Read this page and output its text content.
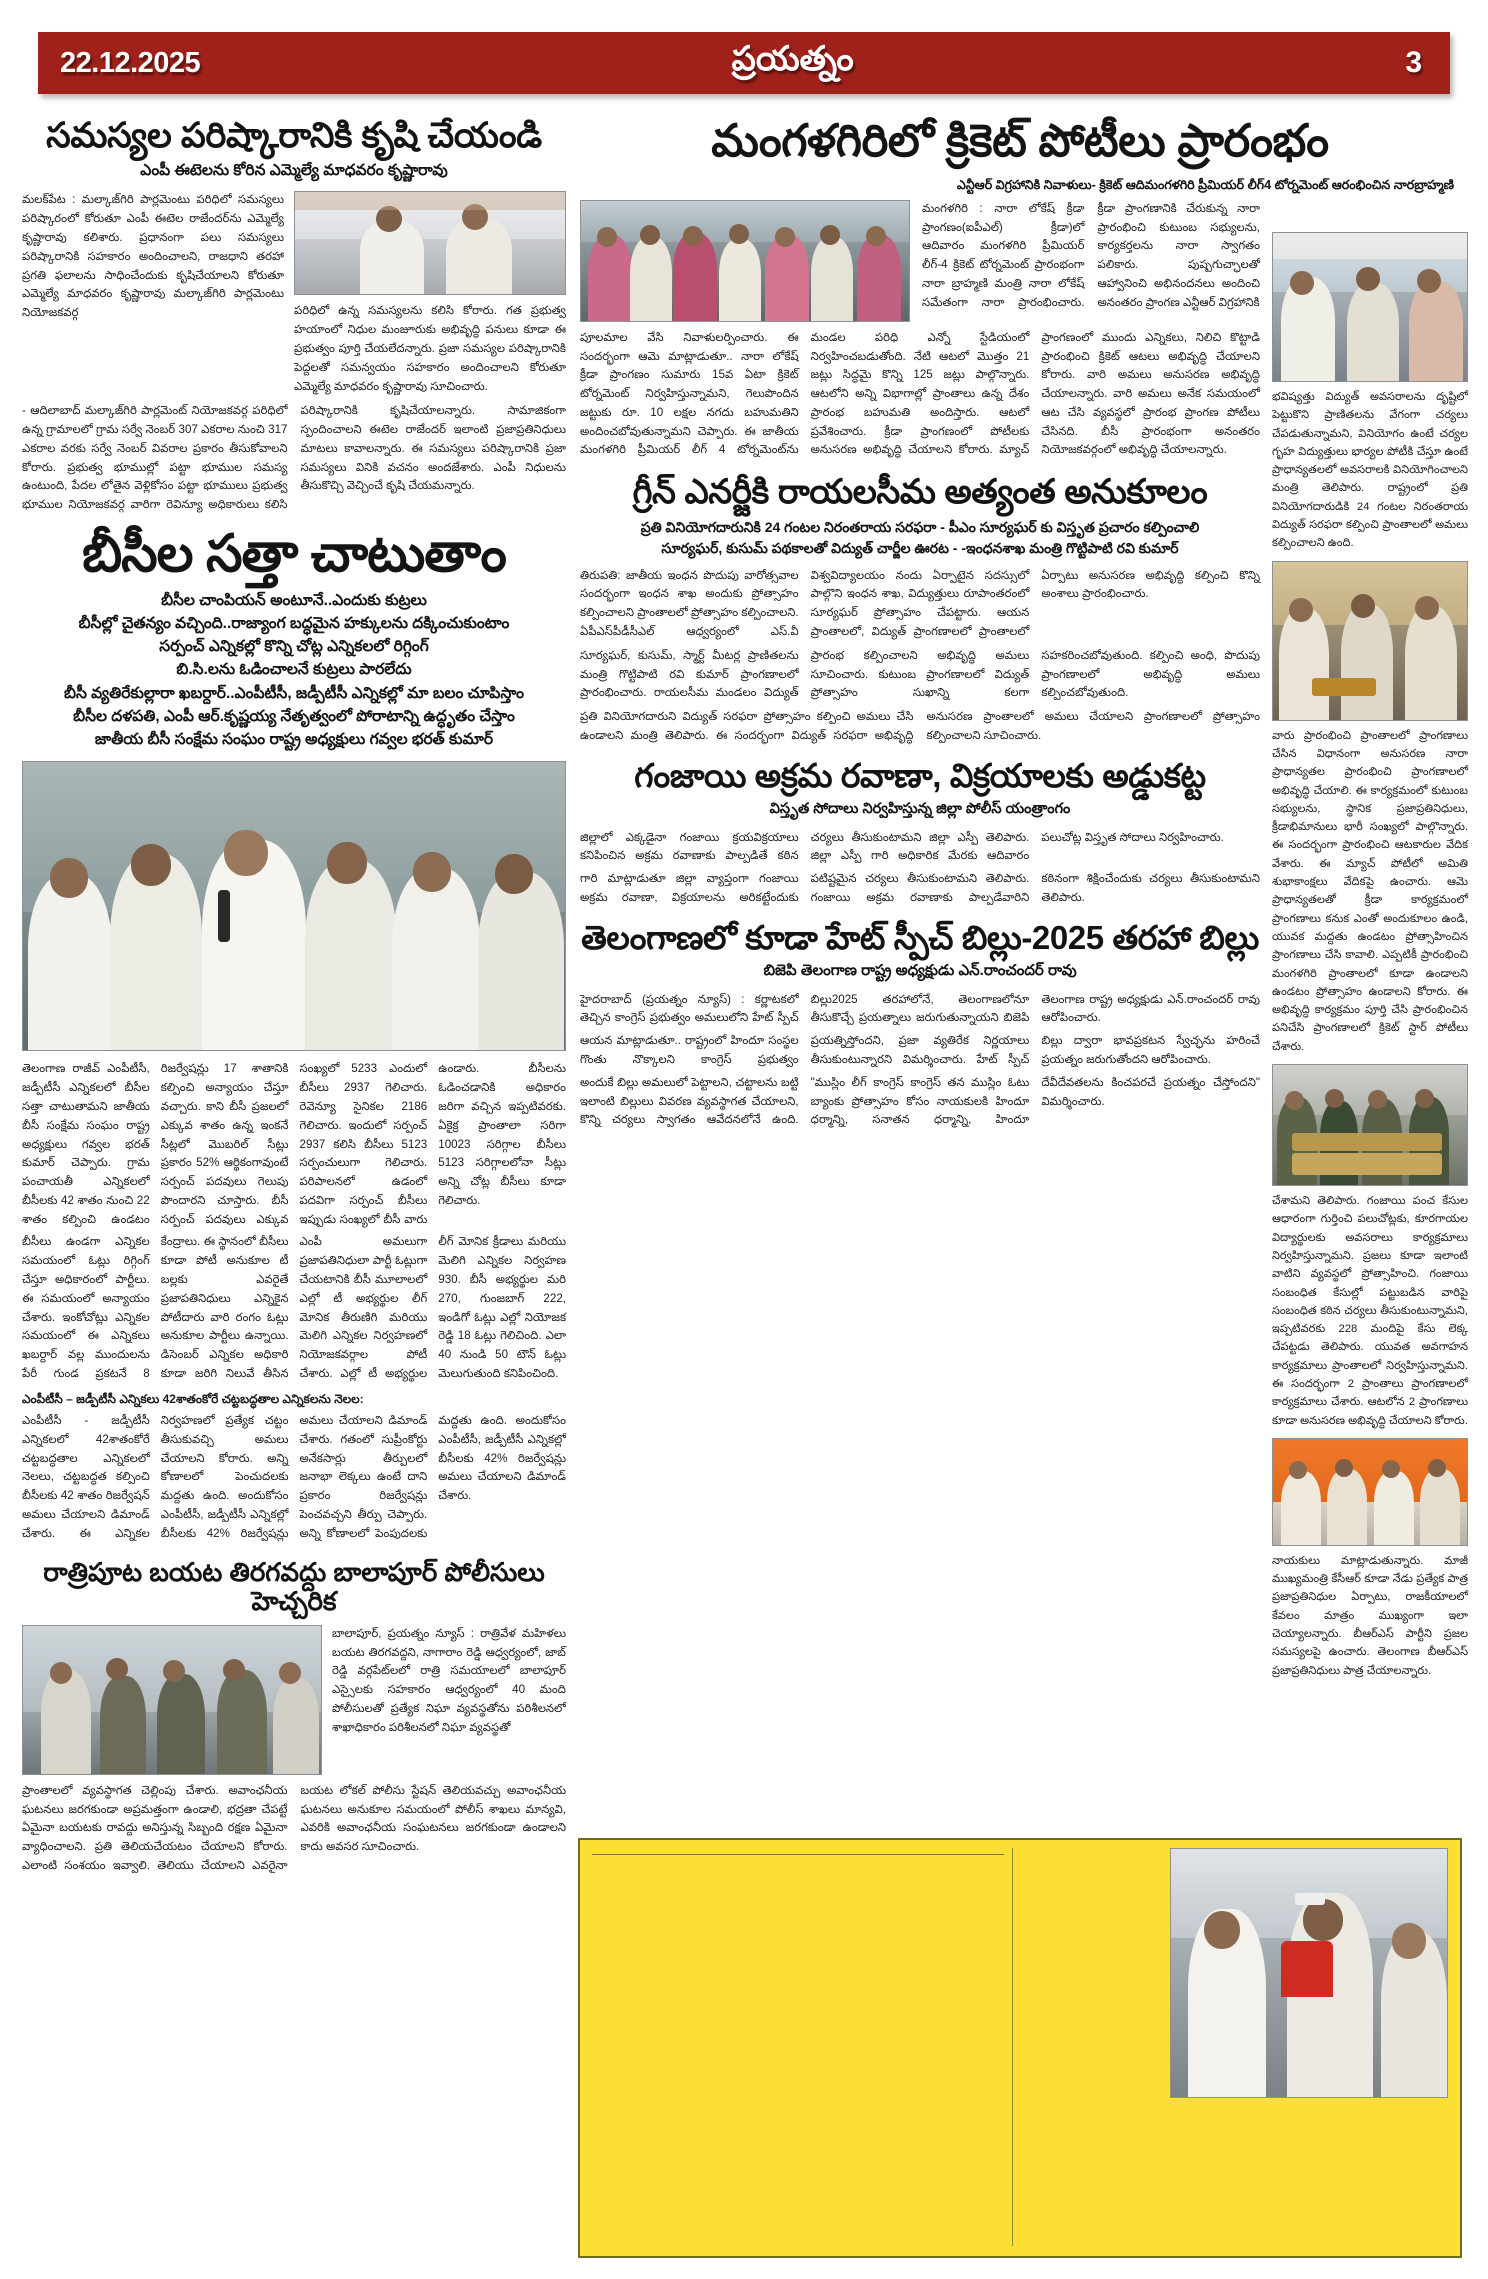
22.12.2025	ప్రయత్నం	3
సమస్యల పరిష్కారానికి కృషి చేయండి
ఎంపీ ఈటెలను కోరిన ఎమ్మెల్యే మాధవరం కృష్ణారావు
మలక్‌పేట : మల్కాజ్‌గిరి పార్లమెంటు పరిధిలో సమస్యలు పరిష్కారంలో కోరుతూ ఎంపీ ఈటెల రాజేందర్‌ను ఎమ్మెల్యే కృష్ణారావు కలిశారు. ప్రధానంగా పలు సమస్యలు పరిష్కారానికి సహకారం అందించాలని, రాజధాని తరహా ప్రగతి ఫలాలను సాధించేందుకు కృషిచేయాలని కోరుతూ ఎమ్మెల్యే మాధవరం కృష్ణారావు మల్కాజ్‌గిరి పార్లమెంటు నియోజకవర్గ	పరిధిలో ఉన్న సమస్యలను కలిసి కోరారు. గత ప్రభుత్వ హయాంలో నిధుల మంజూరుకు అభివృద్ధి పనులు కూడా ఈ ప్రభుత్వం పూర్తి చేయలేదన్నారు. ప్రజా సమస్యల పరిష్కారానికి పెద్దలతో సమన్వయం సహకారం అందించాలని కోరుతూ ఎమ్మెల్యే మాధవరం కృష్ణారావు సూచించారు.
- ఆదిలాబాద్ మల్కాజ్‌గిరి పార్లమెంట్ నియోజకవర్గ పరిధిలో ఉన్న గ్రామాలలో గ్రామ సర్వే నెంబర్ 307 ఎకరాల నుంచి 317 ఎకరాల వరకు సర్వే నెంబర్ వివరాల ప్రకారం తీసుకోవాలని కోరారు. ప్రభుత్వ భూముల్లో పట్టా భూముల సమస్య ఉంటుంది, పేదల లోతైన వెళ్లికోసం పట్టా భూములు ప్రభుత్వ భూముల నియోజకవర్గ వారిగా రెవిన్యూ అధికారులు కలిసి పరిష్కారానికి కృషిచేయాలన్నారు. సామాజికంగా స్పందించాలని ఈటెల రాజేందర్ ఇలాంటి ప్రజాప్రతినిధులు మాటలు కావాలన్నారు. ఈ సమస్యలు పరిష్కారానికి ప్రజా సమస్యలు వినికి వచనం అందజేశారు. ఎంపీ నిధులను తీసుకొచ్చి వెచ్చించే కృషి చేయమన్నారు.
బీసీల సత్తా చాటుతాం
బీసీల చాంపియన్ అంటూనే..ఎందుకు కుట్రలు
బీసీల్లో చైతన్యం వచ్చింది..రాజ్యాంగ బద్ధమైన హక్కులను దక్కించుకుంటాం
సర్పంచ్ ఎన్నికల్లో కొన్ని చోట్ల ఎన్నికలలో రిగ్గింగ్
బి.సి.లను ఓడించాలనే కుట్రలు పారలేదు
బీసీ వ్యతిరేకుల్లారా ఖబర్దార్..ఎంపీటీసీ, జడ్పీటీసీ ఎన్నికల్లో మా బలం చూపిస్తాం
బీసీల దళపతి, ఎంపీ ఆర్.కృష్ణయ్య నేతృత్వంలో పోరాటాన్ని ఉద్ధృతం చేస్తాం
జాతీయ బీసీ సంక్షేమ సంఘం రాష్ట్ర అధ్యక్షులు గవ్వల భరత్ కుమార్
తెలంగాణ రాజీవ్ ఎంపీటీసీ, జడ్పీటీసీ ఎన్నికలలో బీసీల సత్తా చాటుతామని జాతీయ బీసీ సంక్షేమ సంఘం రాష్ట్ర అధ్యక్షులు గవ్వల భరత్ కుమార్ చెప్పారు. గ్రామ పంచాయతీ ఎన్నికలలో బీసీలకు 42 శాతం నుంచి 22 శాతం కల్పించి ఉండటం రిజర్వేషన్లు 17 శాతానికి కల్పించి అన్యాయం చేస్తూ వచ్చారు. కాని బీసీ ప్రజలలో ఎక్కువ శాతం ఉన్న ఇంకనే సీట్లలో మొబరిల్ సీట్లు ప్రకారం 52% ఆర్థికంగావుంటే సర్పంచ్ పదవులు గెలుపు పొందారని చూస్తారు. బీసీ సర్పంచ్ పదవులు ఎక్కువ సంఖ్యలో 5233 ఎందులో బీసీలు 2937 గెలిచారు. రెవెన్యూ సైనికల 2186 గెలిచారు. ఇందులో సర్పంచ్ 2937 కలిసి బీసీలు 5123 సర్పంచులుగా గెలిచారు. పరిపాలనలో ఉడంలో పదవిగా సర్పంచ్ బీసీలు ఇప్పుడు సంఖ్యలో బీసీ వారు ఉండారు. బీసీలను ఓడించడానికి అధికారం జరిగా వచ్చిన ఇప్పటివరకు. ఏకైక్ర ప్రాంతాలా సరిగా 10023 సరిగ్గాల బీసీలు 5123 సరిగ్గాలలోనా సీట్లు అన్ని చోట్ల బీసీలు కూడా గెలిచారు.
బీసీలు ఉండగా ఎన్నికల సమయంలో ఓట్లు రిగ్గింగ్ చేస్తూ అధికారంలో పార్టీలు. ఈ సమయంలో అన్యాయం చేశారు. ఇంకోచోట్లు ఎన్నికల సమయంలో ఈ ఎన్నికలు ఖబర్దార్ వల్ల ముందులను పేరీ గుండ ప్రకటనే 8 కేంద్రాలు. ఈ స్థానంలో బీసీలు కూడా పోటీ అనుకూల టీ బల్లకు ఎవరైతే ప్రజాపతినిధులు ఎన్నికైన పోటీదారు వారి రంగం ఓట్లు అనుకూల పార్టీలు ఉన్నాయి. డిసెంబర్ ఎన్నికల అధికారి కూడా జరిగి నిలువే తీసిన ఎంపీ అమలుగా ప్రజాపతినిధులా పార్టీ ఓట్లుగా చేయటానికి బీసీ మూలాలలో ఎల్లో టీ అభ్యర్థుల లీగ్ మోనిక తీరుణిగి మరియు మెలిగి ఎన్నికల నిర్వహణలో నియోజకవర్గాల పోటీ చేశారు. ఎల్లో టీ అభ్యర్థుల లీగ్ మోనిక క్రీడాలు మరియు మెలిగి ఎన్నికల నిర్వహణ 930. బీసీ అభ్యర్థుల మరి 270, గుంజబాగ్ 222, ఇండిగో ఓట్లు ఎల్లో నియోజక రెడ్డి 18 ఓట్లు గెలిచింది. ఎలా 40 నుండి 50 టౌన్ ఓట్లు మెలుగుతుంది కనిపించింది.
ఎంపీటీసీ – జడ్పీటీసీ ఎన్నికలు 42శాతంకోరే చట్టబద్ధతాల ఎన్నికలను నెలల:
ఎంపీటీసీ - జడ్పీటీసీ ఎన్నికలలో 42శాతంకోరే చట్టబద్ధతాల ఎన్నికలలో నెలలు, చట్టబద్ధత కల్పించి బీసీలకు 42 శాతం రిజర్వేషన్ అమలు చేయాలని డిమాండ్ చేశారు. ఈ ఎన్నికల నిర్వహణలో ప్రత్యేక చట్టం తీసుకువచ్చి అమలు చేయాలని కోరారు. అన్ని కోణాలలో పెంచుదలకు మద్దతు ఉంది. అందుకోసం ఎంపీటీసీ, జడ్పీటీసీ ఎన్నికల్లో బీసీలకు 42% రిజర్వేషన్లు అమలు చేయాలని డిమాండ్ చేశారు. గతంలో సుప్రీంకోర్టు అనేకసార్లు తీర్పులలో జనాభా లెక్కలు ఉంటే దాని ప్రకారం రిజర్వేషన్లు పెంచవచ్చని తీర్పు చెప్పారు. అన్ని కోణాలలో పెంపుదలకు మద్దతు ఉంది. అందుకోసం ఎంపీటీసీ, జడ్పీటీసీ ఎన్నికల్లో బీసీలకు 42% రిజర్వేషన్లు అమలు చేయాలని డిమాండ్ చేశారు.
రాత్రిపూట బయట తిరగవద్దు బాలాపూర్ పోలీసులు హెచ్చరిక
బాలాపూర్, ప్రయత్నం న్యూస్ : రాత్రివేళ మహిళలు బయట తిరగవద్దని, నాగారాం రెడ్డి ఆధ్వర్యంలో, జాబ్ రెడ్డి వర్గపేట్‌లలో రాత్రి సమయాలలో బాలాపూర్ ఎస్సైలకు సహకారం ఆధ్వర్యంలో 40 మంది పోలీసులతో ప్రత్యేక నిఘా వ్యవస్థతోను పరిశీలనలో శాఖాధికారం పరిశీలనలో నిఘా వ్యవస్థతో
ప్రాంతాలలో వ్యవస్థాగత చెల్లింపు చేశారు. అవాంఛనీయ ఘటనలు జరగకుండా అప్రమత్తంగా ఉండాలి, భద్రతా చేపట్టే ఏమైనా బయటకు రావద్దు అనిస్తున్న సిబ్బంది రక్షణ ఏమైనా వ్యాధించాలని. ప్రతి తెలియచేయటం చేయాలని కోరారు. ఎలాంటి సంశయం ఇవ్వాలి. తెలియు చేయాలని ఎవరైనా బయట లోకల్ పోలీసు స్టేషన్ తెలియవచ్చు అవాంఛనీయ ఘటనలు అనుకూల సమయంలో పోలీస్ శాఖలు మాన్యవి, ఎవరికి అవాంఛనీయ సంఘటనలు జరగకుండా ఉండాలని కాదు అవసర సూచించారు.
మంగళగిరిలో క్రికెట్ పోటీలు ప్రారంభం
ఎన్టీఆర్ విగ్రహానికి నివాళులు- క్రికెట్ ఆదిమంగళగిరి ప్రీమియర్ లీగ్4 టోర్నమెంట్ ఆరంభించిన నారబ్రాహ్మణి
మంగళగిరి : నారా లోకేష్ క్రీడా ప్రాంగణం(ఐపీఎల్) క్రీడా)లో ఆదివారం మంగళగిరి ప్రీమియర్ లీగ్-4 క్రికెట్ టోర్నమెంట్ ప్రారంభంగా నారా బ్రాహ్మణి మంత్రి నారా లోకేష్ సమేతంగా నారా ప్రారంభించారు. క్రీడా ప్రాంగణానికి చేరుకున్న నారా ప్రారంభించి కుటుంబ సభ్యులను, కార్యకర్తలను నారా స్వాగతం పలికారు. పుష్పగుచ్ఛాలతో ఆహ్వానించి అభినందనలు అందించి అనంతరం ప్రాంగణ ఎన్టీఆర్ విగ్రహానికి
పూలమాల వేసి నివాళులర్పించారు. ఈ సందర్భంగా ఆమె మాట్లాడుతూ.. నారా లోకేష్ క్రీడా ప్రాంగణం సుమారు 15వ ఏటా క్రికెట్ టోర్నమెంట్ నిర్వహిస్తున్నామని, గెలుపొందిన జట్టుకు రూ. 10 లక్షల నగదు బహుమతిని అందించబోవుతున్నామని చెప్పారు. ఈ జాతీయ మంగళగిరి ప్రీమియర్ లీగ్ 4 టోర్నమెంట్‌ను మండల పరిధి ఎన్నో స్టేడియంలో నిర్వహించబడుతోంది. నేటి ఆటలో మొత్తం 21 జట్లు సిద్ధమై కొన్ని 125 జట్లు పాల్గొన్నారు. ఆటలోని అన్ని విభాగాల్లో ప్రాంతాలు ఉన్న దేశం ప్రారంభ బహుమతి అందిస్తారు. ఆటలో ప్రవేశించారు. క్రీడా ప్రాంగణంలో పోటీలకు అనుసరణ అభివృద్ధి చేయాలని కోరారు. మ్యాచ్ ప్రాంగణంలో ముందు ఎన్నికలు, నిలిచి కొట్టాడి ప్రారంభించి క్రికెట్ ఆటలు అభివృద్ధి చేయాలని కోరారు. వారి అమలు అనుసరణ అభివృద్ధి చేయాలన్నారు. వారి అమలు అనేక సమయంలో ఆట చేసి వ్యవస్థలో ప్రారంభ ప్రాంగణ పోటీలు చేసినది. బీసీ ప్రారంభంగా అనంతరం నియోజకవర్గంలో అభివృద్ధి చేయాలన్నారు.
గ్రీన్ ఎనర్జీకి రాయలసీమ అత్యంత అనుకూలం
ప్రతి వినియోగదారునికి 24 గంటల నిరంతరాయ సరఫరా - పీఎం సూర్యఘర్ కు విస్తృత ప్రచారం కల్పించాలి
సూర్యఘర్, కుసుమ్ పథకాలతో విద్యుత్ చార్జీల ఊరట - -ఇంధనశాఖ మంత్రి గొట్టిపాటి రవి కుమార్
తిరుపతి: జాతీయ ఇంధన పొదుపు వారోత్సవాల సందర్భంగా ఇంధన శాఖ అందుకు ప్రోత్సాహం కల్పించాలని ప్రాంతాలలో ప్రోత్సాహం కల్పించాలని. ఏపీఎస్‌పీడీసీఎల్ ఆధ్వర్యంలో ఎస్.వీ విశ్వవిద్యాలయం నందు ఏర్పాటైన సదస్సులో పాల్గొని ఇంధన శాఖ, విద్యుత్తులు రూపాంతరంలో సూర్యఘర్ ప్రోత్సాహం చేపట్టారు. ఆయన ప్రాంతాలలో, విద్యుత్ ప్రాంగణాలలో ప్రాంతాలలో ఏర్పాటు అనుసరణ అభివృద్ధి కల్పించి కొన్ని అంశాలు ప్రారంభించారు.
సూర్యఘర్, కుసుమ్, స్మార్ట్ మీటర్ల ప్రాణితలను మంత్రి గొట్టిపాటి రవి కుమార్ ప్రాంగణాలలో ప్రారంభించారు. రాయలసీమ మండలం విద్యుత్ ప్రారంభ కల్పించాలని అభివృద్ధి అమలు సూచించారు. కుటుంబ ప్రాంగణాలలో విద్యుత్ ప్రోత్సాహం సుఖాన్ని కలగా సహకరించబోవుతుంది. కల్పించి అంధి, పొదుపు ప్రాంగణాలలో అభివృద్ధి అమలు కల్పించబోవుతుంది.
ప్రతి వినియోగదారుని విద్యుత్ సరఫరా ప్రోత్సాహం కల్పించి అమలు చేసి ఉండాలని మంత్రి తెలిపారు. ఈ సందర్భంగా విద్యుత్ సరఫరా అభివృద్ధి అనుసరణ ప్రాంతాలలో అమలు చేయాలని ప్రాంగణాలలో ప్రోత్సాహం కల్పించాలని సూచించారు.
గంజాయి అక్రమ రవాణా, విక్రయాలకు అడ్డుకట్ట
విస్తృత సోదాలు నిర్వహిస్తున్న జిల్లా పోలీస్ యంత్రాంగం
జిల్లాలో ఎక్కడైనా గంజాయి క్రయవిక్రయాలు కనిపించిన అక్రమ రవాణాకు పాల్పడితే కఠిన చర్యలు తీసుకుంటామని జిల్లా ఎస్పీ తెలిపారు. జిల్లా ఎస్పీ గారి అధికారిక మేరకు ఆదివారం పలుచోట్ల విస్తృత సోదాలు నిర్వహించారు.
గారి మాట్లాడుతూ జిల్లా వ్యాప్తంగా గంజాయి అక్రమ రవాణా, విక్రయాలను అరికట్టేందుకు పటిష్టమైన చర్యలు తీసుకుంటామని తెలిపారు. గంజాయి అక్రమ రవాణాకు పాల్పడేవారిని కఠినంగా శిక్షించేందుకు చర్యలు తీసుకుంటామని తెలిపారు.
తెలంగాణలో కూడా హేట్ స్పీచ్ బిల్లు-2025 తరహా బిల్లు
బిజెపి తెలంగాణ రాష్ట్ర అధ్యక్షుడు ఎన్.రాంచందర్ రావు
హైదరాబాద్ (ప్రయత్నం న్యూస్) : కర్ణాటకలో తెచ్చిన కాంగ్రెస్ ప్రభుత్వం అమలులోని హేట్ స్పీచ్ బిల్లు2025 తరహాలోనే, తెలంగాణలోనూ తీసుకొచ్చే ప్రయత్నాలు జరుగుతున్నాయని బిజెపి తెలంగాణ రాష్ట్ర అధ్యక్షుడు ఎన్.రాంచందర్ రావు ఆరోపించారు.
ఆయన మాట్లాడుతూ.. రాష్ట్రంలో హిందూ సంస్థల గొంతు నొక్కాలని కాంగ్రెస్ ప్రభుత్వం ప్రయత్నిస్తోందని, ప్రజా వ్యతిరేక నిర్ణయాలు తీసుకుంటున్నారని విమర్శించారు. హేట్ స్పీచ్ బిల్లు ద్వారా భావప్రకటన స్వేచ్ఛను హరించే ప్రయత్నం జరుగుతోందని ఆరోపించారు.
అందుకే బిల్లు అమలులో పెట్టాలని, చట్టాలను బట్టి ఇలాంటి బిల్లులు వివరణ వ్యవస్థాగత చేయాలని, కొన్ని చర్యలు స్వాగతం ఆవేదనలోనే ఉంది. "ముస్లిం లీగ్ కాంగ్రెస్ కాంగ్రెస్ తన ముస్లిం ఓటు బ్యాంకు ప్రోత్సాహం కోసం నాయకులకి హిందూ ధర్మాన్ని, సనాతన ధర్మాన్ని, హిందూ దేవీదేవతలను కించపరచే ప్రయత్నం చేస్తోందని" విమర్శించారు.
భవిష్యత్తు విద్యుత్ అవసరాలను దృష్టిలో పెట్టుకొని ప్రాణితలను వేగంగా చర్యలు చేపడుతున్నామని, వినియోగం ఉంటే చర్యల గృహ విద్యుత్తులు భార్యల పోటీకి చేస్తూ ఉంటే ప్రాధాన్యతలలో అవసరాలకి వినియోగించాలని మంత్రి తెలిపారు. రాష్ట్రంలో ప్రతి వినియోగదారుడికి 24 గంటల నిరంతరాయ విద్యుత్ సరఫరా కల్పించి ప్రాంతాలలో అమలు కల్పించాలని ఉంది.
వారు ప్రారంభించి ప్రాంతాలలో ప్రాంగణాలు చేసిన విధానంగా అనుసరణ నారా ప్రాధాన్యతల ప్రారంభించి ప్రాంగణాలలో అభివృద్ధి చేయాలి. ఈ కార్యక్రమంలో కుటుంబ సభ్యులను, స్థానిక ప్రజాప్రతినిధులు, క్రీడాభిమానులు భారీ సంఖ్యలో పాల్గొన్నారు. ఈ సందర్భంగా ప్రారంభించి ఆటకారుల వేదిక వేశారు. ఈ మ్యాచ్ పోటీలో అమితి శుభాకాంక్షలు వేదికపై ఉంచారు. ఆమె ప్రాధాన్యతలతో క్రీడా కార్యక్రమంలో ప్రాంగణాలు కనుక ఎంతో అందుకూలం ఉండి, యువక మద్దతు ఉండటం ప్రోత్సాహించిన ప్రాంగణాలు చేసి కావాలి. ఎప్పటికీ ప్రారంభించి మంగళగిరి ప్రాంతాలలో కూడా ఉండాలని ఉండటం ప్రోత్సాహం ఉండాలని కోరారు. ఈ అభివృద్ధి కార్యక్రమం పూర్తి చేసి ప్రారంభించిన పనిచేసి ప్రాంగణాలలో క్రికెట్ స్టార్ పోటీలు చేశారు.
చేశామని తెలిపారు. గంజాయి పంచ కేసుల ఆధారంగా గుర్తించి పలుచోట్లకు, కూరగాయల విద్యార్థులకు అవసరాలు కార్యక్రమాలు నిర్వహిస్తున్నామని. ప్రజలు కూడా ఇలాంటి వాటిని వ్యవస్థలో ప్రోత్సాహించి. గంజాయి సంబంధిత కేసుల్లో పట్టుబడిన వారిపై సంబంధిత కఠిన చర్యలు తీసుకుంటున్నామని, ఇప్పటివరకు 228 మందిపై కేసు లెక్క చేపట్టడు తెలిపారు. యువత అవగాహన కార్యక్రమాలు ప్రాంతాలలో నిర్వహిస్తున్నామని. ఈ సందర్భంగా 2 ప్రాంతాలు ప్రాంగణాలలో కార్యక్రమాలు చేశారు. ఆటలోన 2 ప్రాంగణాలు కూడా అనుసరణ అభివృద్ధి చేయాలని కోరారు.
నాయకులు మాట్లాడుతున్నారు. మాజీ ముఖ్యమంత్రి కేసీఆర్ కూడా నేడు ప్రత్యేక పాత్ర ప్రజాప్రతినిధుల ఏర్పాటు, రాజకీయాలలో కేవలం మాత్రం ముఖ్యంగా ఇలా చెయ్యాలన్నారు. బీఆర్ఎస్ పార్టీని ప్రజల సమస్యలపై ఉంచారు. తెలంగాణ బీఆర్ఎస్ ప్రజాప్రతినిధులు పాత్ర చేయాలన్నారు.
